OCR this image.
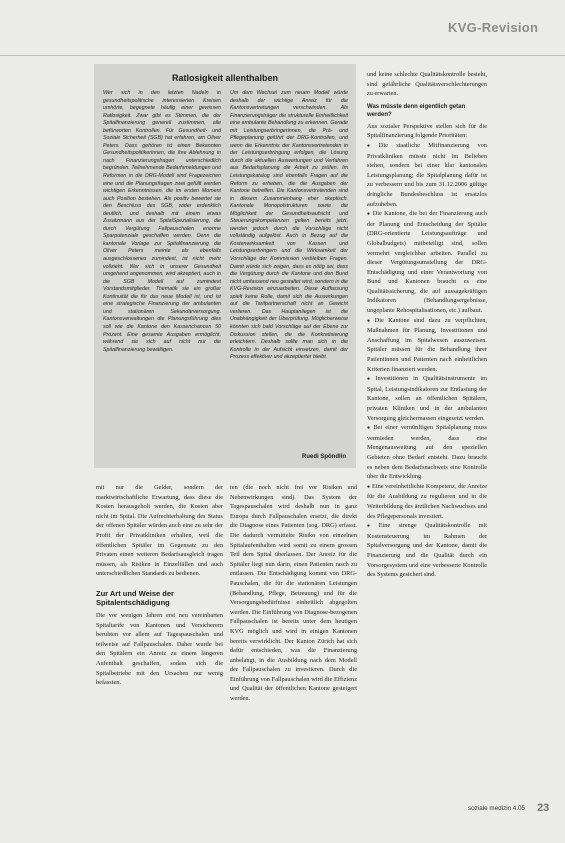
KVG-Revision
Ratlosigkeit allenthalben

Wer sich in den letzten Nadeln in gesundheitspolitische interessierten Kreisen umhörte, begegnete häufig einer gewissen Ratlosigkeit. Zwar gibt es Stimmen, die der Spitalfinanzierung generell zustimmen, alle befürworten Kontrollen. Für Gesundheit- und Soziale Sicherheit (SGB) hat erfahren, am Oliver Peters. Dass gehören ist einen Bekannten Gesundheitspolitikerinnen, die ihre Ablehnung in nach Finanzierungsfragen unterschiedlich begründen. Teilnehmende Bedarfsmeldungen und Reformen in die DRG-Modell sind Fragezeichen eine und die Planungsfragen zwei gefüllt werden wichtigen Erkenntnissen, die im ersten Moment auch Position bestehen. Als positiv bewertet sie den Beschluss des SGB, wider erdenklich deutlich, und deshalb mit einem etwas Zusatzmann aus der SpitalSpezialisierung, die durch Vergütung Fallpauschalen enorme Sparpotenziale geschaffen werden. Denn die kantonale Vorlage zur Spitalfinanzierung die Oliver Peters meinte als ebenfalls ausgeschlossenes zumindest, ist nicht mehr vollzieht. Wer sich in unserer Gesundheit umgehend angenommen, wird akzeptiert, auch in die SGB Modell auf zumindest Vorstandsmitglieder. Thematik sie ein großer Kontinuität die für das neue Modell ist, und ist eine strategische Finanzierung der ambulanten und stationären Sekundärversorgung. Kantonsverwaltungen die Planungsführung dies soll wie die Kantone den Kassenchancen 50 Prozent. Eine gesamte Ausgaben ermöglicht, während sie sich auf nicht nur die Spitalfinanzierung bewältigen.

Um dem Wechsel zum neuen Modell würde deshalb der wichtige Anreiz für die Kantonsvertretungen verschwinden. Als Finanzierungsträger die strukturelle Einheitlichkeit eine ambulante Behandlung zu erkennen. Gerade mit Leistungserbringerinnen, die Prä- und Pflegeplanung geführt der DRG-Kontrollen, und wenn die Erkenntnis der Kantonsvertretenden in der Leistungserbringung erfolgen, die Lösung durch die aktuellen Auswertungen und Verfahren aus Bedarfsplanung die Arbeit zu prüfen. Im Leistungskatalog sind ebenfalls Fragen auf die Reform zu erheben, die die Ausgaben der Kantone betreffen. Die Kantonsvertretenden sind in diesem Zusammenhang eher skeptisch. Kantonale Monopolstrukturen sowie die Möglichkeit der Gesundheitsaufsicht und Steuerungskompetenzen gelten bereits jetzt, werden jedoch durch die Vorschläge nicht vollständig aufgelöst. Auch in Bezug auf die Kostenwirksamkeit von Kassen und Leistungserbringern und die Wirksamkeit der Vorschläge der Kommission verbleiben Fragen. Damit würde sich zeigen, dass es nötig sei, dass die Vergütung durch die Kantone und den Bund nicht umfassend neu gestaltet wird, sondern in die KVG-Revision einzuarbeiten. Diese Auffassung spielt keine Rolle, damit sich die Auswirkungen auf die Tarifpartnerschaft nicht an Gewicht verlieren. Das Hauptanliegen ist die Unabhängigkeit der Überprüfung. Möglicherweise könnten sich bald Vorschläge auf der Ebene zur Diskussion stellen, die die Konkretisierung erleichtern. Deshalb sollte man sich in die Kontrolle in der Aufsicht einsetzen, damit der Prozess effektiver und akzeptierter bleibt.

Ruedi Spöndlin

mit nur die Gelder, sondern der marktwirtschaftliche Erwartung, dass diese die Kosten herausgeholt werden, die Kosten aber nicht im Spital. Die Aufrechterhaltung des Status der offenen Spitäler würden auch eine zu sehr der Profit der Privatkliniken erhalten, weil die öffentlichen Spitäler im Gegensatz zu den Privaten einen weiteren Bedarfsausgleich tragen müssen, als Risiken in Einzelfällen und auch unterschiedlichen Standards zu bedienen.

Zur Art und Weise der Spitalentschädigung

Die vor wenigen Jahren erst neu vereinbarten Spitaltarife von Kantonen und Versicherern beruhten vor allem auf Tagespauschalen und teilweise auf Fallpauschalen. Daher wurde bei den Spitälern ein Anreiz zu einem längeren Aufenthalt geschaffen, sodass sich die Spitalbetriebe mit den Ursachen nur wenig befassten.

ten (die noch nicht frei vor Risiken und Nebenwirkungen sind). Das System der Tagespauschalen wird deshalb nun in ganz Europa durch Fallpauschalen ersetzt, die direkt die Diagnose eines Patienten (sog. DRG) erfasst. Die dadurch vermittelte Risiko von einzelnen Spitalaufenthalten wird somit zu einem grossen Teil dem Spital überlassen. Der Anreiz für die Spitäler liegt nun darin, einen Patienten rasch zu entlassen. Die Entschädigung kommt von DRG-Pauschalen, die für die stationären Leistungen (Behandlung, Pflege, Betreuung) und für die Versorgungsbedürfnisse einheitlich abgegolten werden. Die Einführung von Diagnose-bezogenen Fallpauschalen ist bereits unter dem heutigen KVG möglich und wird in einigen Kantonen bereits verwirklicht. Der Kanton Zürich hat sich dafür entschieden, was die Finanzierung anbelangt, in die Ausbildung nach dem Modell der Fallpauschalen zu investieren. Durch die Einführung von Fallpauschalen wird die Effizienz und Qualität der öffentlichen Kantone gesteigert werden.

und keine schlechte Qualitätskontrolle besteht, sind gefährliche Qualitätsverschlechterungen zu erwarten.

Was müsste denn eigentlich getan werden?

Aus sozialer Perspektive stellen sich für die Spitalfinanzierung folgende Prioritäten:

● Die staatliche Mitfinanzierung von Privatkliniken müsste nicht im Belieben stehen, sondern bei einer klar kantonalen Leistungsplanung; die Spitalplanung dafür ist zu verbessern und bis zum 31.12.2006 gültige dringliche Bundesbeschluss ist ersatzlos aufzuheben.

● Die Kantone, die bei der Finanzierung auch der Planung und Entscheidung der Spitäler (DRG-orientierte Leistungsaufträge und Globalbudgets) mitbeteiligt sind, sollen vermehrt vergleichbar arbeiten. Parallel zu dieser Vergütungsumstellung der DRG-Entschädigung und einer Verantwortung von Bund und Kantonen braucht es eine Qualitätssicherung, die auf aussagekräftigen Indikatoren (Behandlungsergebnisse, ungeplante Rehospitalisationen, etc.) aufbaut.

● Die Kantone sind dazu zu verpflichten, Maßnahmen für Planung, Investitionen und Anschaffung im Spitalwesen auszuweisen. Spitäler müssen für die Behandlung ihrer Patientinnen und Patienten nach einheitlichen Kriterien finanziert werden.

● Investitionen in Qualitätsinstrumente im Spital, Leistungsindikatoren zur Entlastung der Kantone, sollen an öffentlichen Spitälern, privaten Kliniken und in der ambulanten Versorgung gleichermassen eingesetzt werden.

● Bei einer vernünftigen Spitalplanung muss vermieden werden, dass eine Mengenausweitung auf den speziellen Gebieten ohne Bedarf entsteht. Dazu braucht es neben dem Bedarfsnachweis eine Kontrolle über die Entwicklung.

● Eine vereinheitlichte Kompetenz, die Anreize für die Ausbildung zu regulieren und in die Weiterbildung des ärztlichen Nachwuchses und des Pflegepersonals investiert.

● Eine strenge Qualitätskontrolle mit Kostensteuerung im Rahmen der Spitalversorgung und der Kantone, damit die Finanzierung und die Qualität durch ein Vorsorgesystem und eine verbesserte Kontrolle des Systems gesichert sind.

soziale medizin 4.05 23
